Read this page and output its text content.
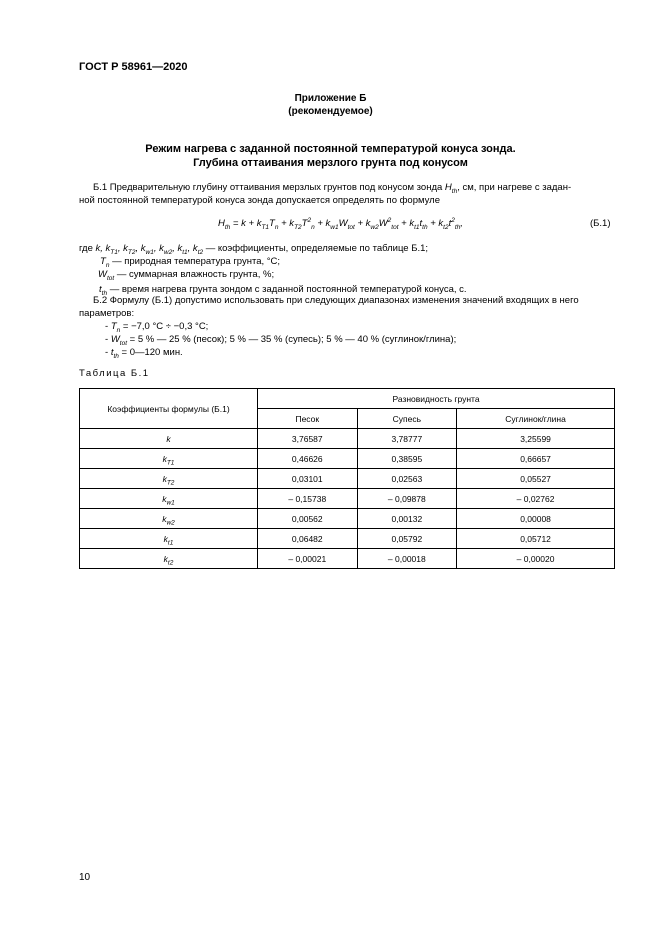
ГОСТ Р 58961—2020
Приложение Б
(рекомендуемое)
Режим нагрева с заданной постоянной температурой конуса зонда.
Глубина оттаивания мерзлого грунта под конусом
Б.1 Предварительную глубину оттаивания мерзлых грунтов под конусом зонда $H_{th}$, см, при нагреве с задан-
ной постоянной температурой конуса зонда допускается определять по формуле
$H_{th} = k + k_{T1}T_n + k_{T2}T^2_n + k_{w1}W_{tot} + k_{w2}W^2_{tot} + k_{t1}t_{th} + k_{t2}t^2_{th}$,	(Б.1)
где k, $k_{T1}$, $k_{T2}$, $k_{w1}$, $k_{w2}$, $k_{t1}$, $k_{t2}$ — коэффициенты, определяемые по таблице Б.1;
$T_n$ — природная температура грунта, °С;
$W_{tot}$ — суммарная влажность грунта, %;
$t_{th}$ — время нагрева грунта зондом с заданной постоянной температурой конуса, с.
Б.2 Формулу (Б.1) допустимо использовать при следующих диапазонах изменения значений входящих в него
параметров:
- $T_n = -7,0$ °С ÷ −0,3 °С;
- $W_{tot} = 5$ % — 25 % (песок); 5 % — 35 % (супесь); 5 % — 40 % (суглинок/глина);
- $t_{th}$ = 0—120 мин.
Таблица Б.1
Коэффициенты формулы (Б.1)	Разновидность грунта		
	Песок	Супесь	Суглинок/глина
k	3,76587	3,78777	3,25599
$k_{T1}$	0,46626	0,38595	0,66657
$k_{T2}$	0,03101	0,02563	0,05527
$k_{w1}$	– 0,15738	– 0,09878	– 0,02762
$k_{w2}$	0,00562	0,00132	0,00008
$k_{t1}$	0,06482	0,05792	0,05712
$k_{t2}$	– 0,00021	– 0,00018	– 0,00020
10
